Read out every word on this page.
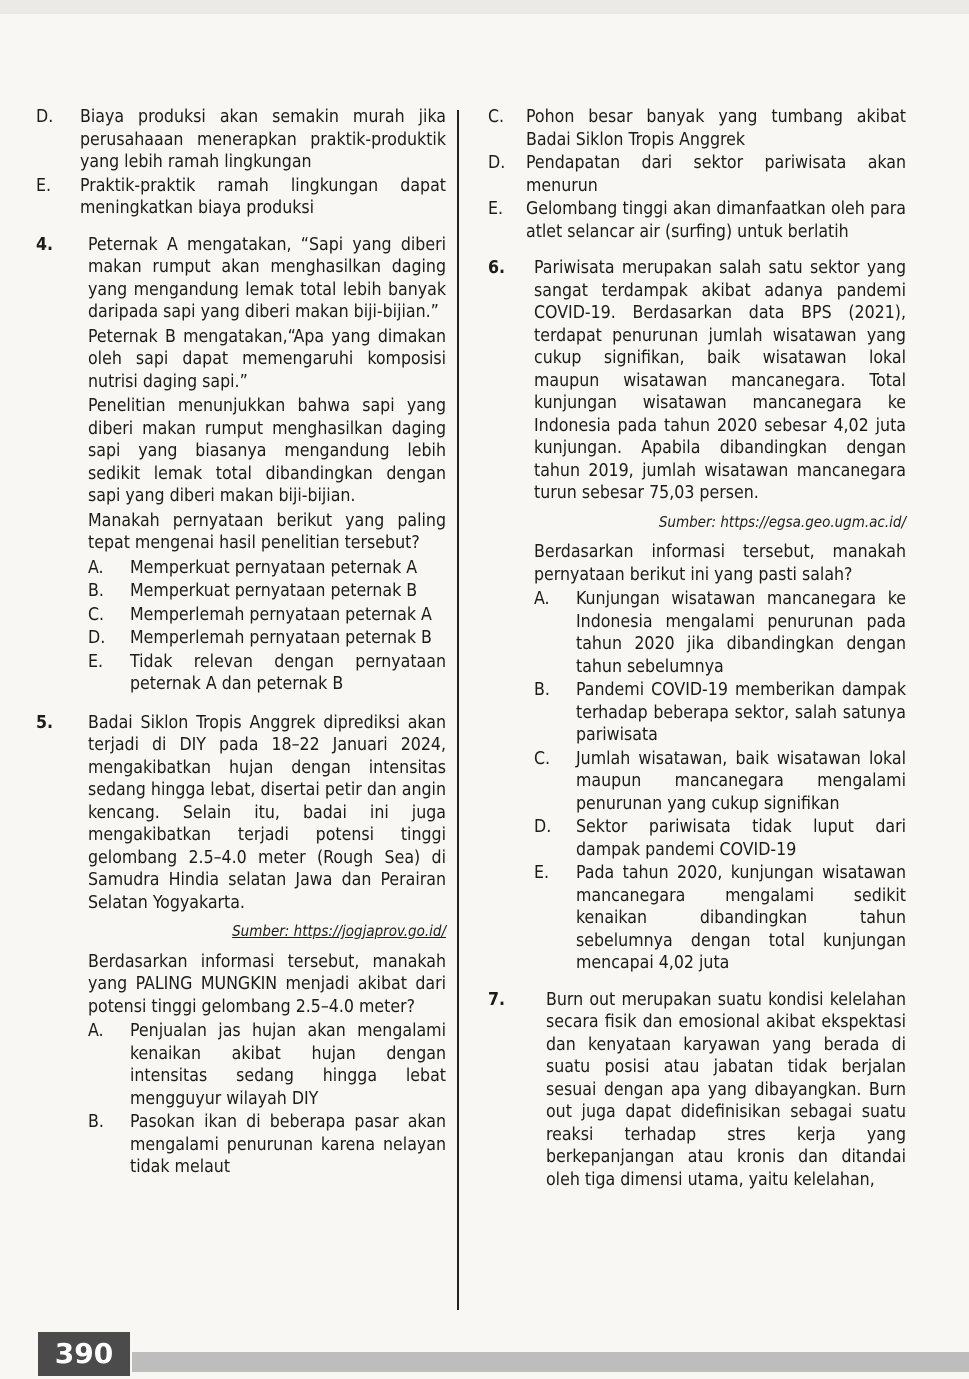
D. Biaya produksi akan semakin murah jika perusahaaan menerapkan praktik-produktik yang lebih ramah lingkungan
E. Praktik-praktik ramah lingkungan dapat meningkatkan biaya produksi
4. Peternak A mengatakan, “Sapi yang diberi makan rumput akan menghasilkan daging yang mengandung lemak total lebih banyak daripada sapi yang diberi makan biji-bijian.”

Peternak B mengatakan,“Apa yang dimakan oleh sapi dapat memengaruhi komposisi nutrisi daging sapi.”

Penelitian menunjukkan bahwa sapi yang diberi makan rumput menghasilkan daging sapi yang biasanya mengandung lebih sedikit lemak total dibandingkan dengan sapi yang diberi makan biji-bijian.

Manakah pernyataan berikut yang paling tepat mengenai hasil penelitian tersebut?

A. Memperkuat pernyataan peternak A
B. Memperkuat pernyataan peternak B
C. Memperlemah pernyataan peternak A
D. Memperlemah pernyataan peternak B
E. Tidak relevan dengan pernyataan peternak A dan peternak B
5. Badai Siklon Tropis Anggrek diprediksi akan terjadi di DIY pada 18–22 Januari 2024, mengakibatkan hujan dengan intensitas sedang hingga lebat, disertai petir dan angin kencang. Selain itu, badai ini juga mengakibatkan terjadi potensi tinggi gelombang 2.5–4.0 meter (Rough Sea) di Samudra Hindia selatan Jawa dan Perairan Selatan Yogyakarta.

Sumber: https://jogjaprov.go.id/

Berdasarkan informasi tersebut, manakah yang PALING MUNGKIN menjadi akibat dari potensi tinggi gelombang 2.5–4.0 meter?

A. Penjualan jas hujan akan mengalami kenaikan akibat hujan dengan intensitas sedang hingga lebat mengguyur wilayah DIY
B. Pasokan ikan di beberapa pasar akan mengalami penurunan karena nelayan tidak melaut
C. Pohon besar banyak yang tumbang akibat Badai Siklon Tropis Anggrek
D. Pendapatan dari sektor pariwisata akan menurun
E. Gelombang tinggi akan dimanfaatkan oleh para atlet selancar air (surfing) untuk berlatih
6. Pariwisata merupakan salah satu sektor yang sangat terdampak akibat adanya pandemi COVID-19. Berdasarkan data BPS (2021), terdapat penurunan jumlah wisatawan yang cukup signifikan, baik wisatawan lokal maupun wisatawan mancanegara. Total kunjungan wisatawan mancanegara ke Indonesia pada tahun 2020 sebesar 4,02 juta kunjungan. Apabila dibandingkan dengan tahun 2019, jumlah wisatawan mancanegara turun sebesar 75,03 persen.

Sumber: https://egsa.geo.ugm.ac.id/

Berdasarkan informasi tersebut, manakah pernyataan berikut ini yang pasti salah?

A. Kunjungan wisatawan mancanegara ke Indonesia mengalami penurunan pada tahun 2020 jika dibandingkan dengan tahun sebelumnya
B. Pandemi COVID-19 memberikan dampak terhadap beberapa sektor, salah satunya pariwisata
C. Jumlah wisatawan, baik wisatawan lokal maupun mancanegara mengalami penurunan yang cukup signifikan
D. Sektor pariwisata tidak luput dari dampak pandemi COVID-19
E. Pada tahun 2020, kunjungan wisatawan mancanegara mengalami sedikit kenaikan dibandingkan tahun sebelumnya dengan total kunjungan mencapai 4,02 juta
7. Burn out merupakan suatu kondisi kelelahan secara fisik dan emosional akibat ekspektasi dan kenyataan karyawan yang berada di suatu posisi atau jabatan tidak berjalan sesuai dengan apa yang dibayangkan. Burn out juga dapat didefinisikan sebagai suatu reaksi terhadap stres kerja yang berkepanjangan atau kronis dan ditandai oleh tiga dimensi utama, yaitu kelelahan,

390
